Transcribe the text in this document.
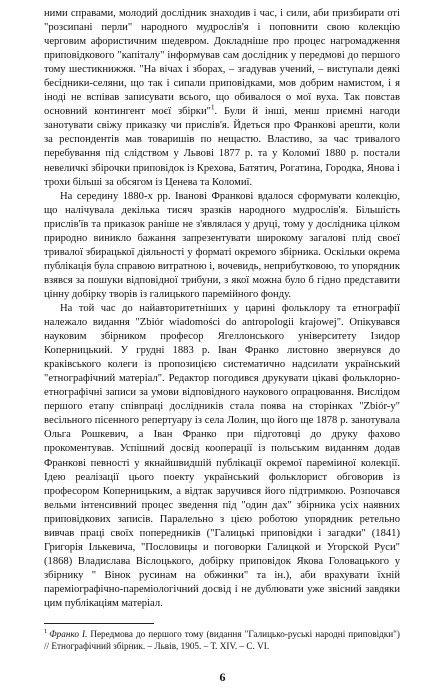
ними справами, молодий дослідник знаходив і час, і сили, аби призбирати оті "розсипані перли" народного мудрослів'я і поповнити свою колекцію черговим афористичним шедевром. Докладніше про процес нагромадження приповідкового "капіталу" інформував сам дослідник у передмові до першого тому шестикнижжя. "На вічах і зборах, – згадував учений, – виступали деякі бесідники-селяни, що так і сипали приповідками, мов добрим намистом, і я іноді не вспівав записувати всього, що обивалося о мої вуха. Так повстав основний контингент моєї збірки"$^1$. Були й інші, менш приємні нагоди занотувати свіжу приказку чи прислів'я. Йдеться про Франкові арешти, коли за респондентів мав товаришів по нещастю. Властиво, за час тривалого перебування під слідством у Львові 1877 р. та у Коломиї 1880 р. постали невеличкі збірочки приповідок із Крехова, Батятич, Рогатина, Городка, Янова і трохи більші за обсягом із Ценева та Коломиї.

На середину 1880-х рр. Іванові Франкові вдалося сформувати колекцію, що налічувала декілька тисяч зразків народного мудрослів'я. Більшість прислів'їв та приказок раніше не з'являлася у друці, тому у дослідника цілком природно виникло бажання запрезентувати широкому загалові плід своєї тривалої збирацької діяльності у форматі окремого збірника. Оскільки окрема публікація була справою витратною і, вочевидь, неприбутковою, то упорядник взявся за пошуки відповідної трибуни, з якої можна було б гідно представити цінну добірку творів із галицького паремійного фонду.

На той час до найавторитетніших у царині фольклору та етнографії належало видання "Zbiór wiadomości do antropologii krajowej". Опікувався науковим збірником професор Ягеллонського університету Ізидор Коперницький. У грудні 1883 р. Іван Франко листовно звернувся до краківського колеги із пропозицією систематично надсилати український "етнографічний матеріал". Редактор погодився друкувати цікаві фольклорно-етнографічні записи за умови відповідного наукового опрацювання. Вислідом першого етапу співпраці дослідників стала поява на сторінках "Zbiór-у" весільного пісенного репертуару із села Лолин, що його ще 1878 р. занотувала Ольга Рошкевич, а Іван Франко при підготовці до друку фахово прокоментував. Успішний досвід кооперації із польським виданням додав Франкові певності у якнайшвидшій публікації окремої пареміиної колекції. Ідею реалізації цього поекту український фольклорист обговорив із професором Коперницьким, а відтак заручився його підтримкою. Розпочався вельми інтенсивний процес зведення під "один дах" збірника усіх наявних приповідкових записів. Паралельно з цією роботою упорядник ретельно вивчав праці своїх попередників ("Галицькі приповідки і загадки" (1841) Григорія Ількевича, "Пословицы и поговорки Галицкой и Угорской Руси" (1868) Владислава Віслоцького, добірку приповідок Якова Головацького у збірнику " Вінок русинам на обжинки" та ін.), аби врахувати їхній пареміографічно-пареміологічний досвід і не дублювати уже звісний завдяки цим публікаціям матеріал.

$^1$ Франко І. Передмова до першого тому (видання "Галицько-руські народні приповідки") // Етнографічний збірник. – Львів, 1905. – Т. XIV. – С. VI.
6
